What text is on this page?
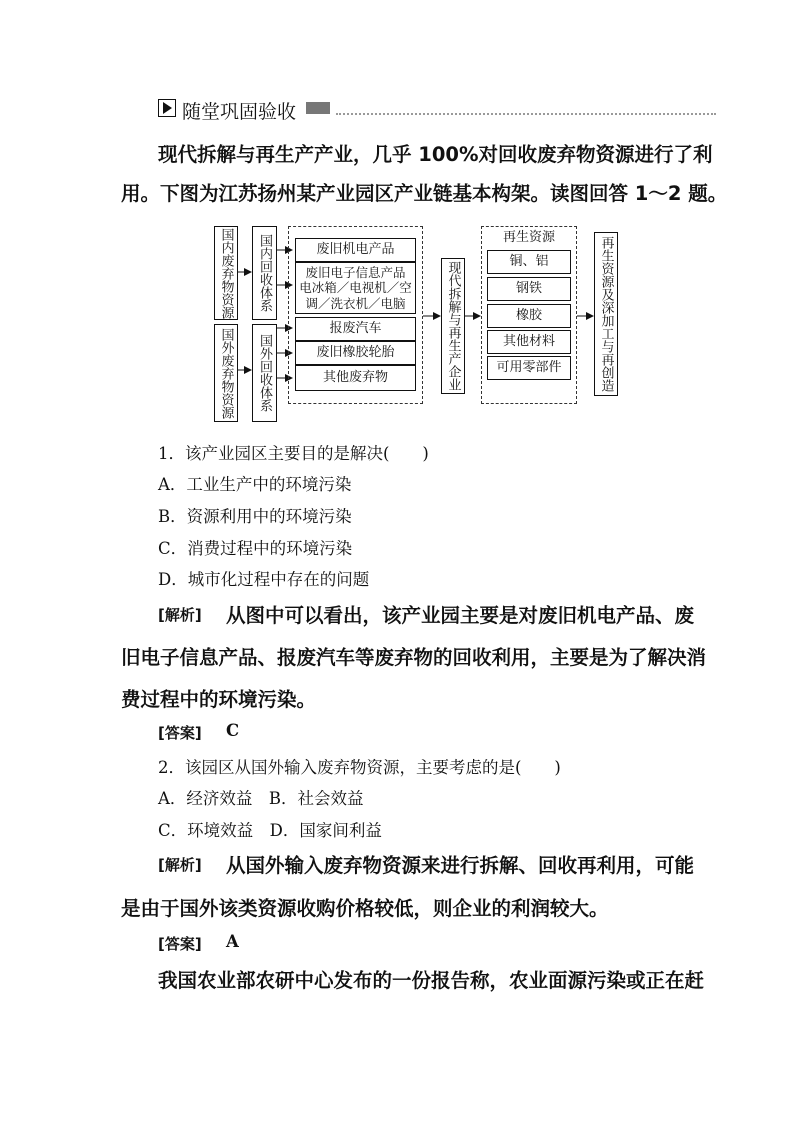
随堂巩固验收
现代拆解与再生产产业，几乎 100%对回收废弃物资源进行了利
用。下图为江苏扬州某产业园区产业链基本构架。读图回答 1～2 题。
国内废弃物资源
国外废弃物资源
国内回收体系
国外回收体系
废旧机电产品
废旧电子信息产品
电冰箱／电视机／空
调／洗衣机／电脑
报废汽车
废旧橡胶轮胎
其他废弃物	现代拆解与再生产企业
再生资源
铜、铝
钢铁
橡胶
其他材料
可用零部件	再生资源及深加工与再创造
1．该产业园区主要目的是解决(　　)
A．工业生产中的环境污染
B．资源利用中的环境污染
C．消费过程中的环境污染
D．城市化过程中存在的问题
[解析] 从图中可以看出，该产业园主要是对废旧机电产品、废
旧电子信息产品、报废汽车等废弃物的回收利用，主要是为了解决消
费过程中的环境污染。
[答案] C
2．该园区从国外输入废弃物资源，主要考虑的是(　　)
A．经济效益　B．社会效益
C．环境效益　D．国家间利益
[解析] 从国外输入废弃物资源来进行拆解、回收再利用，可能
是由于国外该类资源收购价格较低，则企业的利润较大。
[答案] A
我国农业部农研中心发布的一份报告称，农业面源污染或正在赶
